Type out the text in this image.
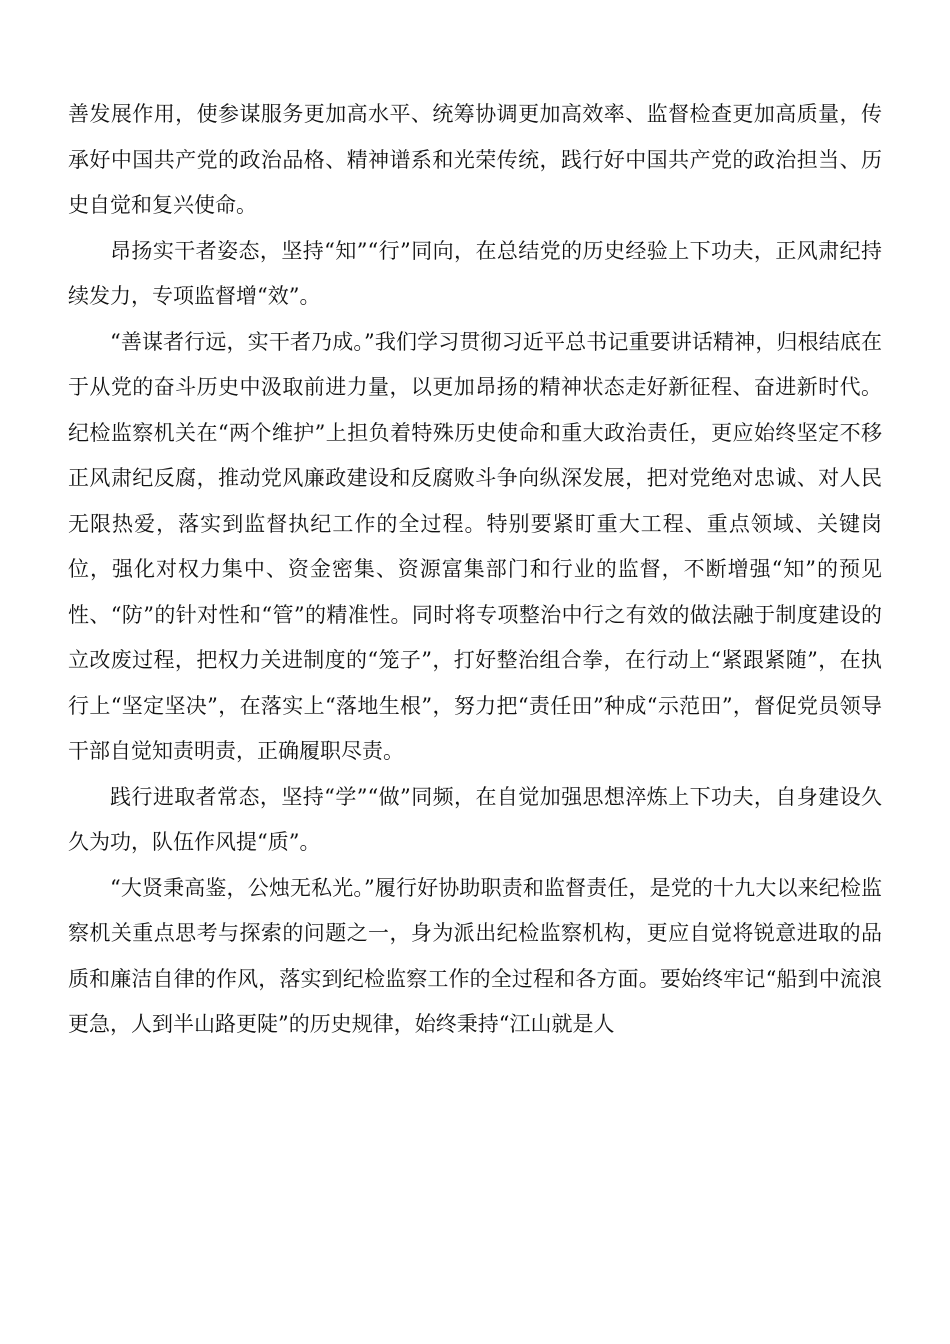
善发展作用，使参谋服务更加高水平、统筹协调更加高效率、监督检查更加高质量，传承好中国共产党的政治品格、精神谱系和光荣传统，践行好中国共产党的政治担当、历史自觉和复兴使命。

昂扬实干者姿态，坚持“知”“行”同向，在总结党的历史经验上下功夫，正风肃纪持续发力，专项监督增“效”。

“善谋者行远，实干者乃成。”我们学习贯彻习近平总书记重要讲话精神，归根结底在于从党的奋斗历史中汲取前进力量，以更加昂扬的精神状态走好新征程、奋进新时代。纪检监察机关在“两个维护”上担负着特殊历史使命和重大政治责任，更应始终坚定不移正风肃纪反腐，推动党风廉政建设和反腐败斗争向纵深发展，把对党绝对忠诚、对人民无限热爱，落实到监督执纪工作的全过程。特别要紧盯重大工程、重点领域、关键岗位，强化对权力集中、资金密集、资源富集部门和行业的监督，不断增强“知”的预见性、“防”的针对性和“管”的精准性。同时将专项整治中行之有效的做法融于制度建设的立改废过程，把权力关进制度的“笼子”，打好整治组合拳，在行动上“紧跟紧随”，在执行上“坚定坚决”，在落实上“落地生根”，努力把“责任田”种成“示范田”，督促党员领导干部自觉知责明责，正确履职尽责。

践行进取者常态，坚持“学”“做”同频，在自觉加强思想淬炼上下功夫，自身建设久久为功，队伍作风提“质”。

“大贤秉高鉴，公烛无私光。”履行好协助职责和监督责任，是党的十九大以来纪检监察机关重点思考与探索的问题之一，身为派出纪检监察机构，更应自觉将锐意进取的品质和廉洁自律的作风，落实到纪检监察工作的全过程和各方面。要始终牢记“船到中流浪更急，人到半山路更陡”的历史规律，始终秉持“江山就是人
